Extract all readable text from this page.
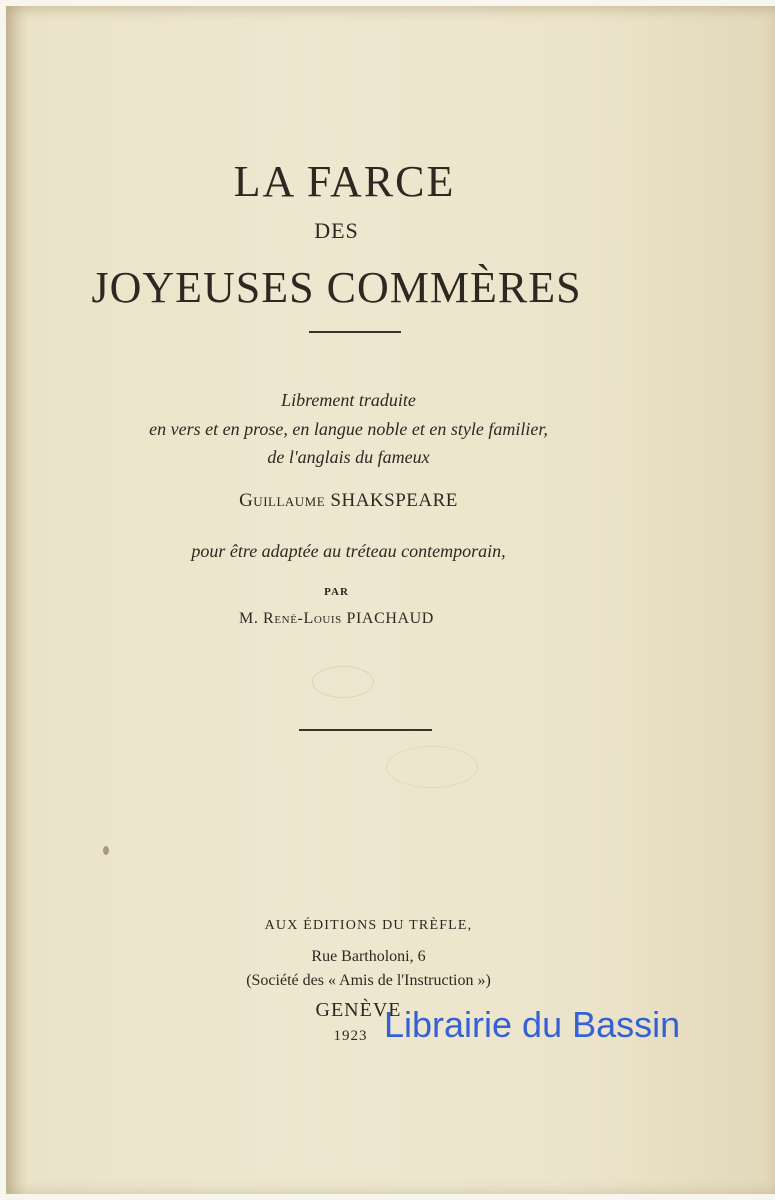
LA FARCE
DES
JOYEUSES COMMÈRES
Librement traduite
en vers et en prose, en langue noble et en style familier,
de l'anglais du fameux
Guillaume SHAKSPEARE
pour être adaptée au tréteau contemporain,
PAR
M. René-Louis PIACHAUD
AUX ÉDITIONS DU TRÈFLE,
Rue Bartholoni, 6
(Société des « Amis de l'Instruction »)
GENÈVE
1923 Librairie du Bassin
